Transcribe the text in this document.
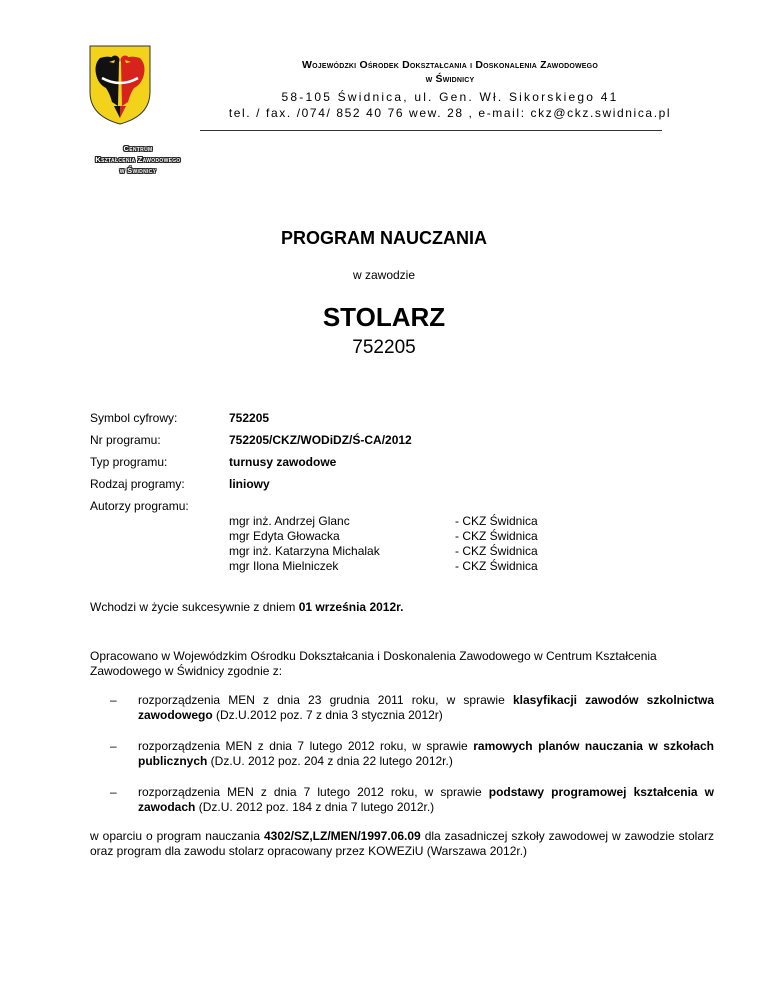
Wojewódzki Ośrodek Dokształcania i Doskonalenia Zawodowego
w Świdnicy
58-105 Świdnica, ul. Gen. Wł. Sikorskiego 41
tel. / fax. /074/ 852 40 76 wew. 28 , e-mail: ckz@ckz.swidnica.pl
Centrum
Kształcenia Zawodowego
w Świdnicy
PROGRAM NAUCZANIA
w zawodzie
STOLARZ
752205
Symbol cyfrowy:	752205
Nr programu:	752205/CKZ/WODiDZ/Ś-CA/2012
Typ programu:	turnusy zawodowe
Rodzaj programy:	liniowy
Autorzy programu:
mgr inż. Andrzej Glanc	- CKZ Świdnica
mgr Edyta Głowacka	- CKZ Świdnica
mgr inż. Katarzyna Michalak	- CKZ Świdnica
mgr Ilona Mielniczek	- CKZ Świdnica
Wchodzi w życie sukcesywnie z dniem 01 września 2012r.
Opracowano w Wojewódzkim Ośrodku Dokształcania i Doskonalenia Zawodowego w Centrum Kształcenia
Zawodowego w Świdnicy zgodnie z:
– rozporządzenia MEN z dnia 23 grudnia 2011 roku, w sprawie klasyfikacji zawodów szkolnictwa zawodowego (Dz.U.2012 poz. 7 z dnia 3 stycznia 2012r)
– rozporządzenia MEN z dnia 7 lutego 2012 roku, w sprawie ramowych planów nauczania w szkołach publicznych (Dz.U. 2012 poz. 204 z dnia 22 lutego 2012r.)
– rozporządzenia MEN z dnia 7 lutego 2012 roku, w sprawie podstawy programowej kształcenia w zawodach (Dz.U. 2012 poz. 184 z dnia 7 lutego 2012r.)
w oparciu o program nauczania 4302/SZ,LZ/MEN/1997.06.09 dla zasadniczej szkoły zawodowej w zawodzie stolarz oraz program dla zawodu stolarz opracowany przez KOWEZiU (Warszawa 2012r.)
